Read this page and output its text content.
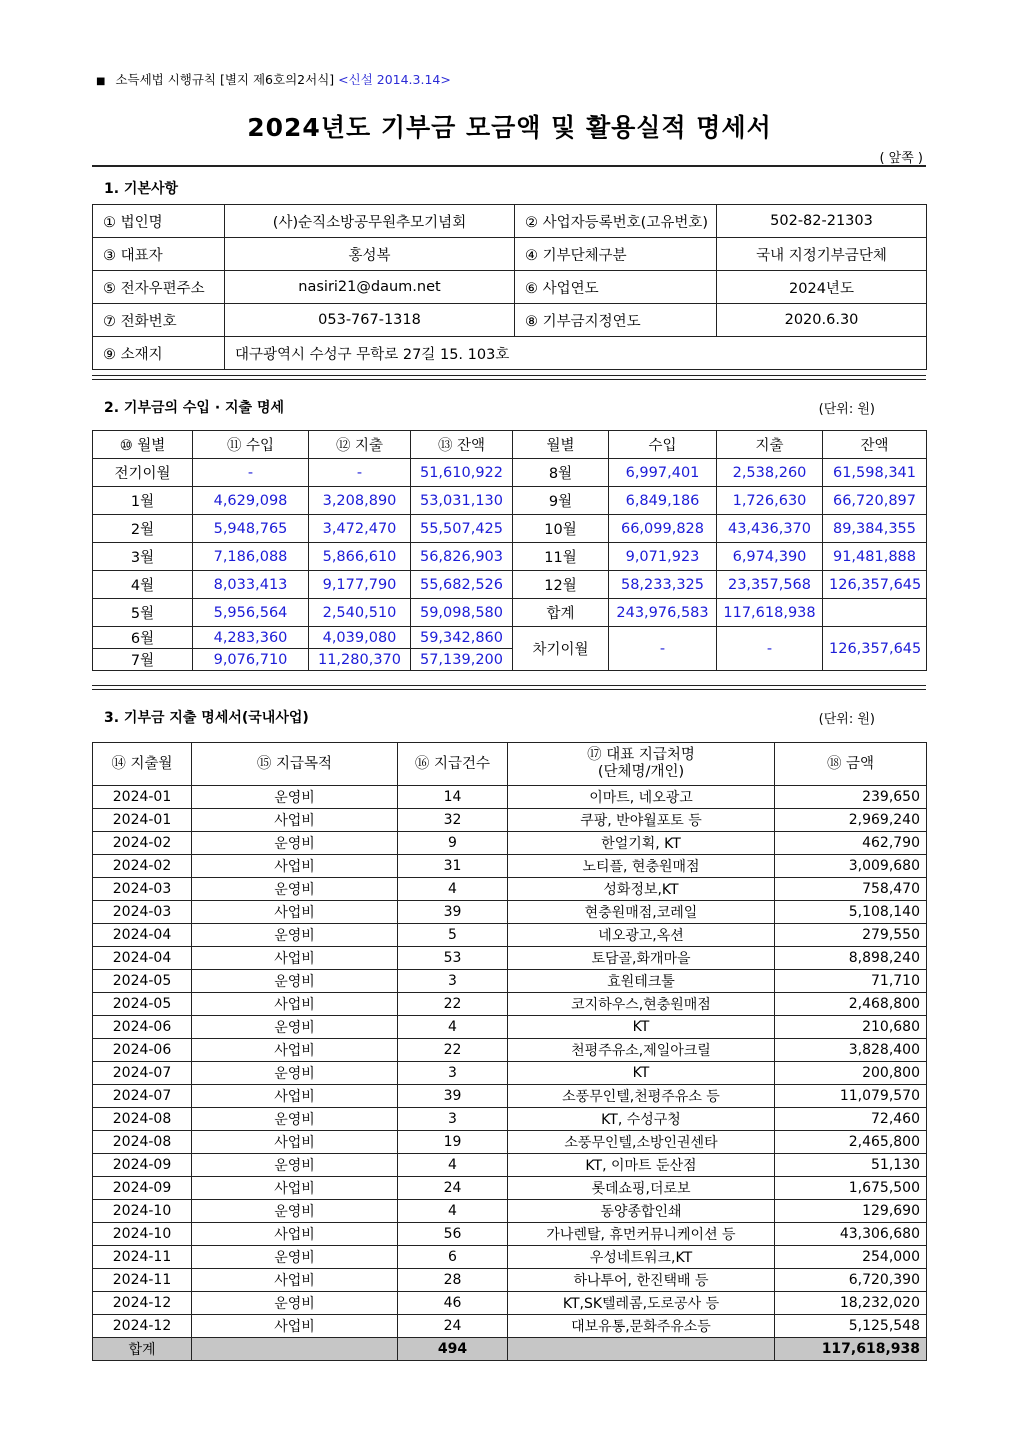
■ 소득세법 시행규칙 [별지 제6호의2서식] <신설 2014.3.14>
2024년도 기부금 모금액 및 활용실적 명세서
( 앞쪽 )
1. 기본사항
① 법인명	(사)순직소방공무원추모기념회	② 사업자등록번호(고유번호)	502-82-21303
③ 대표자	홍성복	④ 기부단체구분	국내 지정기부금단체
⑤ 전자우편주소	nasiri21@daum.net	⑥ 사업연도	2024년도
⑦ 전화번호	053-767-1318	⑧ 기부금지정연도	2020.6.30
⑨ 소재지	대구광역시 수성구 무학로 27길 15. 103호		
2. 기부금의 수입 · 지출 명세	(단위: 원)
⑩ 월별	⑪ 수입	⑫ 지출	⑬ 잔액	월별	수입	지출	잔액
전기이월	-	-	51,610,922	8월	6,997,401	2,538,260	61,598,341
1월	4,629,098	3,208,890	53,031,130	9월	6,849,186	1,726,630	66,720,897
2월	5,948,765	3,472,470	55,507,425	10월	66,099,828	43,436,370	89,384,355
3월	7,186,088	5,866,610	56,826,903	11월	9,071,923	6,974,390	91,481,888
4월	8,033,413	9,177,790	55,682,526	12월	58,233,325	23,357,568	126,357,645
5월	5,956,564	2,540,510	59,098,580	합계	243,976,583	117,618,938	
6월	4,283,360	4,039,080	59,342,860	차기이월	-	-	126,357,645
7월	9,076,710	11,280,370	57,139,200				
3. 기부금 지출 명세서(국내사업)	(단위: 원)
⑭ 지출월	⑮ 지급목적	⑯ 지급건수	⑰ 대표 지급처명
(단체명/개인)	⑱ 금액
2024-01	운영비	14	이마트, 네오광고	239,650
2024-01	사업비	32	쿠팡, 반야월포토 등	2,969,240
2024-02	운영비	9	한얼기획, KT	462,790
2024-02	사업비	31	노티플, 현충원매점	3,009,680
2024-03	운영비	4	성화정보,KT	758,470
2024-03	사업비	39	현충원매점,코레일	5,108,140
2024-04	운영비	5	네오광고,옥션	279,550
2024-04	사업비	53	토담골,화개마을	8,898,240
2024-05	운영비	3	효원테크툴	71,710
2024-05	사업비	22	코지하우스,현충원매점	2,468,800
2024-06	운영비	4	KT	210,680
2024-06	사업비	22	천평주유소,제일아크릴	3,828,400
2024-07	운영비	3	KT	200,800
2024-07	사업비	39	소풍무인텔,천평주유소 등	11,079,570
2024-08	운영비	3	KT, 수성구청	72,460
2024-08	사업비	19	소풍무인텔,소방인권센타	2,465,800
2024-09	운영비	4	KT, 이마트 둔산점	51,130
2024-09	사업비	24	롯데쇼핑,더로보	1,675,500
2024-10	운영비	4	동양종합인쇄	129,690
2024-10	사업비	56	가나렌탈, 휴먼커뮤니케이션 등	43,306,680
2024-11	운영비	6	우성네트워크,KT	254,000
2024-11	사업비	28	하나투어, 한진택배 등	6,720,390
2024-12	운영비	46	KT,SK텔레콤,도로공사 등	18,232,020
2024-12	사업비	24	대보유통,문화주유소등	5,125,548
합계		494		117,618,938
